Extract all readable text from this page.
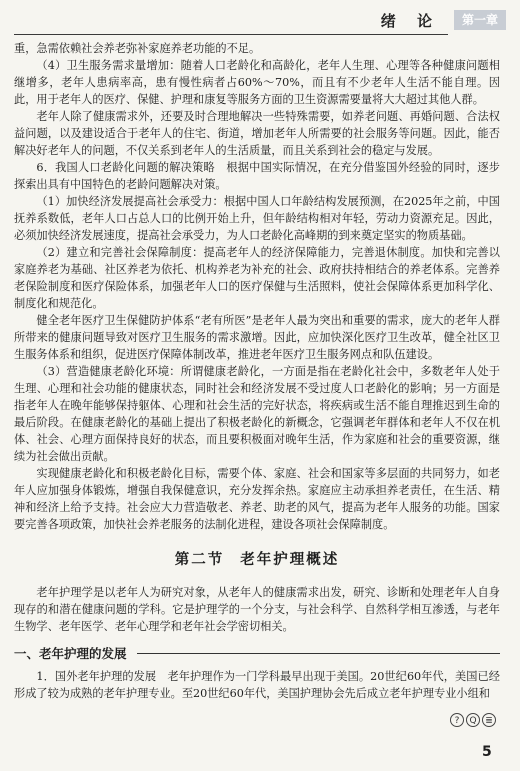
绪 论	第一章

重，急需依赖社会养老弥补家庭养老功能的不足。

（4）卫生服务需求量增加：随着人口老龄化和高龄化，老年人生理、心理等各种健康问题相继增多，老年人患病率高，患有慢性病者占60%～70%，而且有不少老年人生活不能自理。因此，用于老年人的医疗、保健、护理和康复等服务方面的卫生资源需要量将大大超过其他人群。

老年人除了健康需求外，还要及时合理地解决一些特殊需要，如养老问题、再婚问题、合法权益问题，以及建设适合于老年人的住宅、街道，增加老年人所需要的社会服务等问题。因此，能否解决好老年人的问题，不仅关系到老年人的生活质量，而且关系到社会的稳定与发展。

6．我国人口老龄化问题的解决策略　根据中国实际情况，在充分借鉴国外经验的同时，逐步探索出具有中国特色的老龄问题解决对策。

（1）加快经济发展提高社会承受力：根据中国人口年龄结构发展预测，在2025年之前，中国抚养系数低，老年人口占总人口的比例开始上升，但年龄结构相对年轻，劳动力资源充足。因此，必须加快经济发展速度，提高社会承受力，为人口老龄化高峰期的到来奠定坚实的物质基础。

（2）建立和完善社会保障制度：提高老年人的经济保障能力，完善退休制度。加快和完善以家庭养老为基础、社区养老为依托、机构养老为补充的社会、政府扶持相结合的养老体系。完善养老保险制度和医疗保险体系，加强老年人口的医疗保健与生活照料，使社会保障体系更加科学化、制度化和规范化。

健全老年医疗卫生保健防护体系“老有所医”是老年人最为突出和重要的需求，庞大的老年人群所带来的健康问题导致对医疗卫生服务的需求激增。因此，应加快深化医疗卫生改革，健全社区卫生服务体系和组织，促进医疗保障体制改革，推进老年医疗卫生服务网点和队伍建设。

（3）营造健康老龄化环境：所谓健康老龄化，一方面是指在老龄化社会中，多数老年人处于生理、心理和社会功能的健康状态，同时社会和经济发展不受过度人口老龄化的影响；另一方面是指老年人在晚年能够保持躯体、心理和社会生活的完好状态，将疾病或生活不能自理推迟到生命的最后阶段。在健康老龄化的基础上提出了积极老龄化的新概念，它强调老年群体和老年人不仅在机体、社会、心理方面保持良好的状态，而且要积极面对晚年生活，作为家庭和社会的重要资源，继续为社会做出贡献。

实现健康老龄化和积极老龄化目标，需要个体、家庭、社会和国家等多层面的共同努力，如老年人应加强身体锻炼，增强自我保健意识，充分发挥余热。家庭应主动承担养老责任，在生活、精神和经济上给予支持。社会应大力营造敬老、养老、助老的风气，提高为老年人服务的功能。国家要完善各项政策，加快社会养老服务的法制化进程，建设各项社会保障制度。

第二节 老年护理概述

老年护理学是以老年人为研究对象，从老年人的健康需求出发，研究、诊断和处理老年人自身现存的和潜在健康问题的学科。它是护理学的一个分支，与社会科学、自然科学相互渗透，与老年生物学、老年医学、老年心理学和老年社会学密切相关。

一、老年护理的发展

1．国外老年护理的发展　老年护理作为一门学科最早出现于美国。20世纪60年代，美国已经形成了较为成熟的老年护理专业。至20世纪60年代，美国护理协会先后成立老年护理专业小组和

?	Q ≣
5
